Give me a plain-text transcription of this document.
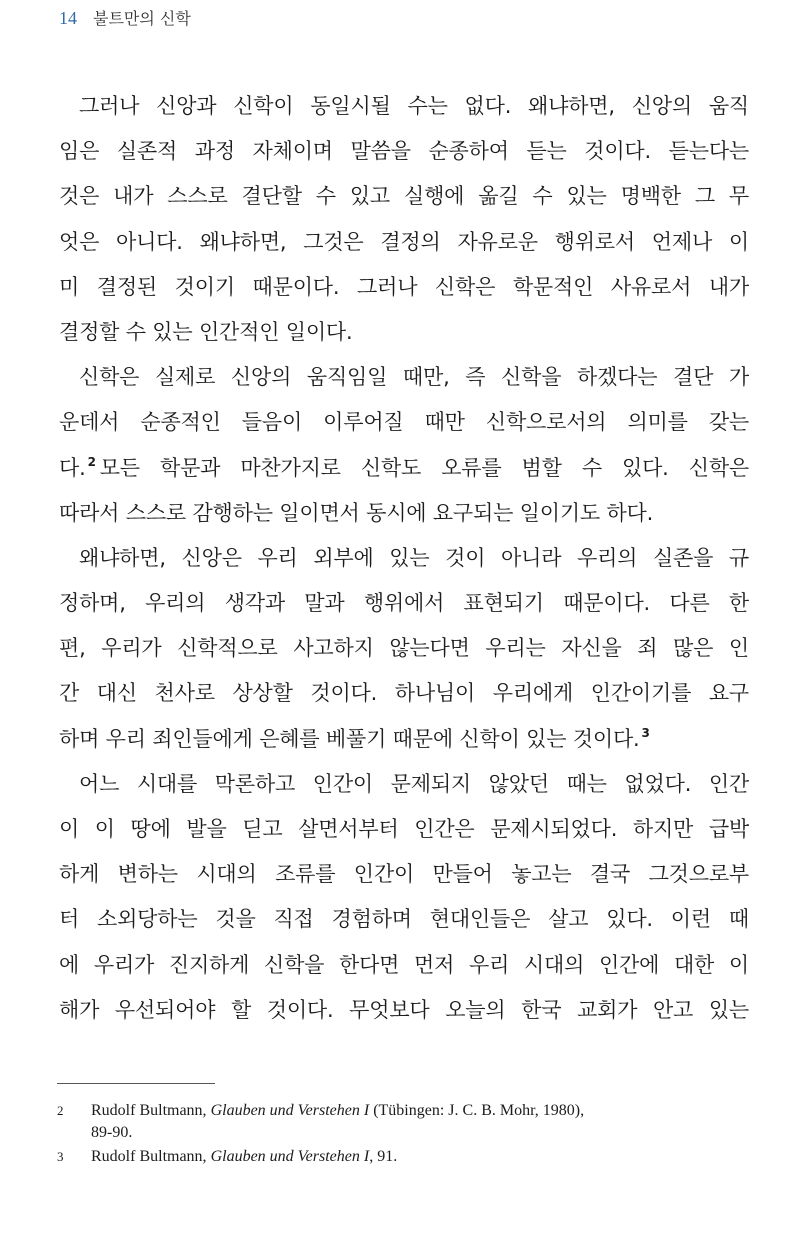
14 불트만의 신학
그러나 신앙과 신학이 동일시될 수는 없다. 왜냐하면, 신앙의 움직
임은 실존적 과정 자체이며 말씀을 순종하여 듣는 것이다. 듣는다는
것은 내가 스스로 결단할 수 있고 실행에 옮길 수 있는 명백한 그 무
엇은 아니다. 왜냐하면, 그것은 결정의 자유로운 행위로서 언제나 이
미 결정된 것이기 때문이다. 그러나 신학은 학문적인 사유로서 내가
결정할 수 있는 인간적인 일이다.
신학은 실제로 신앙의 움직임일 때만, 즉 신학을 하겠다는 결단 가
운데서 순종적인 들음이 이루어질 때만 신학으로서의 의미를 갖는
다. $^2$ 모든 학문과 마찬가지로 신학도 오류를 범할 수 있다. 신학은
따라서 스스로 감행하는 일이면서 동시에 요구되는 일이기도 하다.
왜냐하면, 신앙은 우리 외부에 있는 것이 아니라 우리의 실존을 규
정하며, 우리의 생각과 말과 행위에서 표현되기 때문이다. 다른 한
편, 우리가 신학적으로 사고하지 않는다면 우리는 자신을 죄 많은 인
간 대신 천사로 상상할 것이다. 하나님이 우리에게 인간이기를 요구
하며 우리 죄인들에게 은혜를 베풀기 때문에 신학이 있는 것이다. $^3$
어느 시대를 막론하고 인간이 문제되지 않았던 때는 없었다. 인간
이 이 땅에 발을 딛고 살면서부터 인간은 문제시되었다. 하지만 급박
하게 변하는 시대의 조류를 인간이 만들어 놓고는 결국 그것으로부
터 소외당하는 것을 직접 경험하며 현대인들은 살고 있다. 이런 때
에 우리가 진지하게 신학을 한다면 먼저 우리 시대의 인간에 대한 이
해가 우선되어야 할 것이다. 무엇보다 오늘의 한국 교회가 안고 있는
2	Rudolf Bultmann, Glauben und Verstehen I (Tübingen: J. C. B. Mohr, 1980),
89-90.
3	Rudolf Bultmann, Glauben und Verstehen I, 91.
